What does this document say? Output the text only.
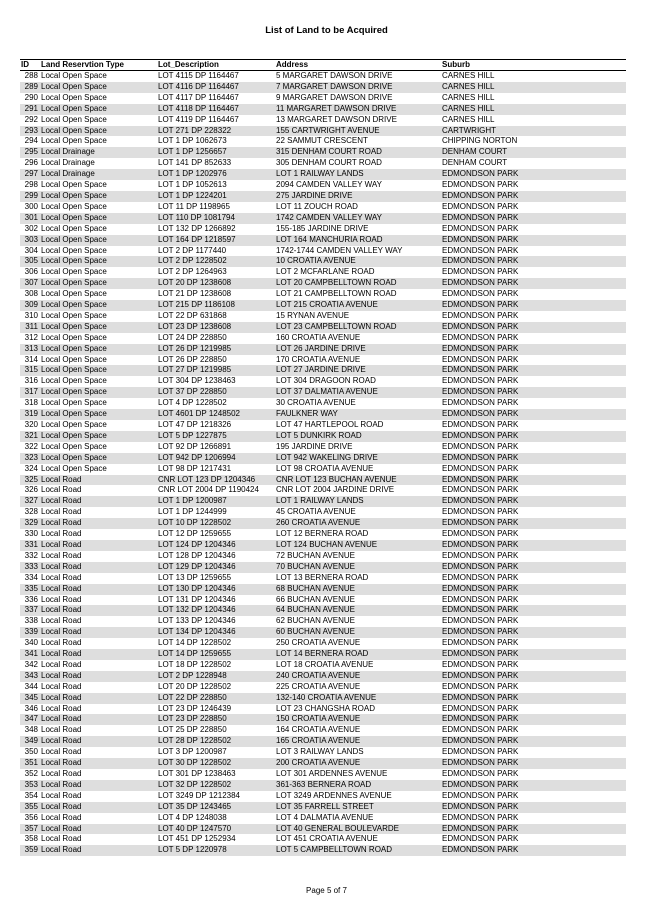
List of Land to be Acquired
ID	Land Reservtion Type	Lot_Description	Address	Suburb
288	Local Open Space	LOT 4115 DP 1164467	5 MARGARET DAWSON DRIVE	CARNES HILL
289	Local Open Space	LOT 4116 DP 1164467	7 MARGARET DAWSON DRIVE	CARNES HILL
290	Local Open Space	LOT 4117 DP 1164467	9 MARGARET DAWSON DRIVE	CARNES HILL
291	Local Open Space	LOT 4118 DP 1164467	11 MARGARET DAWSON DRIVE	CARNES HILL
292	Local Open Space	LOT 4119 DP 1164467	13 MARGARET DAWSON DRIVE	CARNES HILL
293	Local Open Space	LOT 271 DP 228322	155 CARTWRIGHT AVENUE	CARTWRIGHT
294	Local Open Space	LOT 1 DP 1062673	22 SAMMUT CRESCENT	CHIPPING NORTON
295	Local Drainage	LOT 1 DP 1256657	315 DENHAM COURT ROAD	DENHAM COURT
296	Local Drainage	LOT 141 DP 852633	305 DENHAM COURT ROAD	DENHAM COURT
297	Local Drainage	LOT 1 DP 1202976	LOT 1 RAILWAY LANDS	EDMONDSON PARK
298	Local Open Space	LOT 1 DP 1052613	2094 CAMDEN VALLEY WAY	EDMONDSON PARK
299	Local Open Space	LOT 1 DP 1224201	275 JARDINE DRIVE	EDMONDSON PARK
300	Local Open Space	LOT 11 DP 1198965	LOT 11 ZOUCH ROAD	EDMONDSON PARK
301	Local Open Space	LOT 110 DP 1081794	1742 CAMDEN VALLEY WAY	EDMONDSON PARK
302	Local Open Space	LOT 132 DP 1266892	155-185 JARDINE DRIVE	EDMONDSON PARK
303	Local Open Space	LOT 164 DP 1218597	LOT 164 MANCHURIA ROAD	EDMONDSON PARK
304	Local Open Space	LOT 2 DP 1177440	1742-1744 CAMDEN VALLEY WAY	EDMONDSON PARK
305	Local Open Space	LOT 2 DP 1228502	10 CROATIA AVENUE	EDMONDSON PARK
306	Local Open Space	LOT 2 DP 1264963	LOT 2 MCFARLANE ROAD	EDMONDSON PARK
307	Local Open Space	LOT 20 DP 1238608	LOT 20 CAMPBELLTOWN ROAD	EDMONDSON PARK
308	Local Open Space	LOT 21 DP 1238608	LOT 21 CAMPBELLTOWN ROAD	EDMONDSON PARK
309	Local Open Space	LOT 215 DP 1186108	LOT 215 CROATIA AVENUE	EDMONDSON PARK
310	Local Open Space	LOT 22 DP 631868	15 RYNAN AVENUE	EDMONDSON PARK
311	Local Open Space	LOT 23 DP 1238608	LOT 23 CAMPBELLTOWN ROAD	EDMONDSON PARK
312	Local Open Space	LOT 24 DP 228850	160 CROATIA AVENUE	EDMONDSON PARK
313	Local Open Space	LOT 26 DP 1219985	LOT 26 JARDINE DRIVE	EDMONDSON PARK
314	Local Open Space	LOT 26 DP 228850	170 CROATIA AVENUE	EDMONDSON PARK
315	Local Open Space	LOT 27 DP 1219985	LOT 27 JARDINE DRIVE	EDMONDSON PARK
316	Local Open Space	LOT 304 DP 1238463	LOT 304 DRAGOON ROAD	EDMONDSON PARK
317	Local Open Space	LOT 37 DP 228850	LOT 37 DALMATIA AVENUE	EDMONDSON PARK
318	Local Open Space	LOT 4 DP 1228502	30 CROATIA AVENUE	EDMONDSON PARK
319	Local Open Space	LOT 4601 DP 1248502	FAULKNER WAY	EDMONDSON PARK
320	Local Open Space	LOT 47 DP 1218326	LOT 47 HARTLEPOOL ROAD	EDMONDSON PARK
321	Local Open Space	LOT 5 DP 1227875	LOT 5 DUNKIRK ROAD	EDMONDSON PARK
322	Local Open Space	LOT 92 DP 1266891	195 JARDINE DRIVE	EDMONDSON PARK
323	Local Open Space	LOT 942 DP 1206994	LOT 942 WAKELING DRIVE	EDMONDSON PARK
324	Local Open Space	LOT 98 DP 1217431	LOT 98 CROATIA AVENUE	EDMONDSON PARK
325	Local Road	CNR LOT 123 DP 1204346	CNR LOT 123 BUCHAN AVENUE	EDMONDSON PARK
326	Local Road	CNR LOT 2004 DP 1190424	CNR LOT 2004 JARDINE DRIVE	EDMONDSON PARK
327	Local Road	LOT 1 DP 1200987	LOT 1 RAILWAY LANDS	EDMONDSON PARK
328	Local Road	LOT 1 DP 1244999	45 CROATIA AVENUE	EDMONDSON PARK
329	Local Road	LOT 10 DP 1228502	260 CROATIA AVENUE	EDMONDSON PARK
330	Local Road	LOT 12 DP 1259655	LOT 12 BERNERA ROAD	EDMONDSON PARK
331	Local Road	LOT 124 DP 1204346	LOT 124 BUCHAN AVENUE	EDMONDSON PARK
332	Local Road	LOT 128 DP 1204346	72 BUCHAN AVENUE	EDMONDSON PARK
333	Local Road	LOT 129 DP 1204346	70 BUCHAN AVENUE	EDMONDSON PARK
334	Local Road	LOT 13 DP 1259655	LOT 13 BERNERA ROAD	EDMONDSON PARK
335	Local Road	LOT 130 DP 1204346	68 BUCHAN AVENUE	EDMONDSON PARK
336	Local Road	LOT 131 DP 1204346	66 BUCHAN AVENUE	EDMONDSON PARK
337	Local Road	LOT 132 DP 1204346	64 BUCHAN AVENUE	EDMONDSON PARK
338	Local Road	LOT 133 DP 1204346	62 BUCHAN AVENUE	EDMONDSON PARK
339	Local Road	LOT 134 DP 1204346	60 BUCHAN AVENUE	EDMONDSON PARK
340	Local Road	LOT 14 DP 1228502	250 CROATIA AVENUE	EDMONDSON PARK
341	Local Road	LOT 14 DP 1259655	LOT 14 BERNERA ROAD	EDMONDSON PARK
342	Local Road	LOT 18 DP 1228502	LOT 18 CROATIA AVENUE	EDMONDSON PARK
343	Local Road	LOT 2 DP 1228948	240 CROATIA AVENUE	EDMONDSON PARK
344	Local Road	LOT 20 DP 1228502	225 CROATIA AVENUE	EDMONDSON PARK
345	Local Road	LOT 22 DP 228850	132-140 CROATIA AVENUE	EDMONDSON PARK
346	Local Road	LOT 23 DP 1246439	LOT 23 CHANGSHA ROAD	EDMONDSON PARK
347	Local Road	LOT 23 DP 228850	150 CROATIA AVENUE	EDMONDSON PARK
348	Local Road	LOT 25 DP 228850	164 CROATIA AVENUE	EDMONDSON PARK
349	Local Road	LOT 28 DP 1228502	165 CROATIA AVENUE	EDMONDSON PARK
350	Local Road	LOT 3 DP 1200987	LOT 3 RAILWAY LANDS	EDMONDSON PARK
351	Local Road	LOT 30 DP 1228502	200 CROATIA AVENUE	EDMONDSON PARK
352	Local Road	LOT 301 DP 1238463	LOT 301 ARDENNES AVENUE	EDMONDSON PARK
353	Local Road	LOT 32 DP 1228502	361-363 BERNERA ROAD	EDMONDSON PARK
354	Local Road	LOT 3249 DP 1212384	LOT 3249 ARDENNES AVENUE	EDMONDSON PARK
355	Local Road	LOT 35 DP 1243465	LOT 35 FARRELL STREET	EDMONDSON PARK
356	Local Road	LOT 4 DP 1248038	LOT 4 DALMATIA AVENUE	EDMONDSON PARK
357	Local Road	LOT 40 DP 1247570	LOT 40 GENERAL BOULEVARDE	EDMONDSON PARK
358	Local Road	LOT 451 DP 1252934	LOT 451 CROATIA AVENUE	EDMONDSON PARK
359	Local Road	LOT 5 DP 1220978	LOT 5 CAMPBELLTOWN ROAD	EDMONDSON PARK
Page 5 of 7
